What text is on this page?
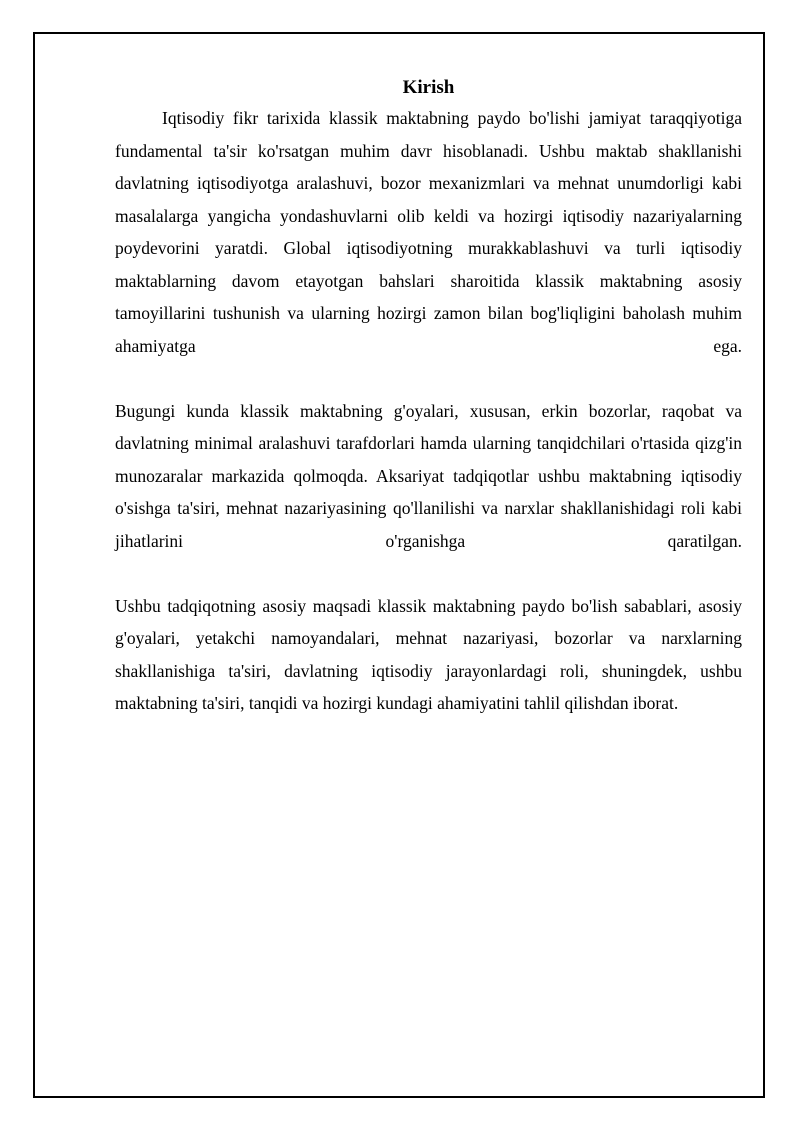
Kirish

Iqtisodiy fikr tarixida klassik maktabning paydo bo'lishi jamiyat taraqqiyotiga fundamental ta'sir ko'rsatgan muhim davr hisoblanadi. Ushbu maktab shakllanishi davlatning iqtisodiyotga aralashuvi, bozor mexanizmlari va mehnat unumdorligi kabi masalalarga yangicha yondashuvlarni olib keldi va hozirgi iqtisodiy nazariyalarning poydevorini yaratdi. Global iqtisodiyotning murakkablashuvi va turli iqtisodiy maktablarning davom etayotgan bahslari sharoitida klassik maktabning asosiy tamoyillarini tushunish va ularning hozirgi zamon bilan bog'liqligini baholash muhim ahamiyatga ega.

Bugungi kunda klassik maktabning g'oyalari, xususan, erkin bozorlar, raqobat va davlatning minimal aralashuvi tarafdorlari hamda ularning tanqidchilari o'rtasida qizg'in munozaralar markazida qolmoqda. Aksariyat tadqiqotlar ushbu maktabning iqtisodiy o'sishga ta'siri, mehnat nazariyasining qo'llanilishi va narxlar shakllanishidagi roli kabi jihatlarini o'rganishga qaratilgan.

Ushbu tadqiqotning asosiy maqsadi klassik maktabning paydo bo'lish sabablari, asosiy g'oyalari, yetakchi namoyandalari, mehnat nazariyasi, bozorlar va narxlarning shakllanishiga ta'siri, davlatning iqtisodiy jarayonlardagi roli, shuningdek, ushbu maktabning ta'siri, tanqidi va hozirgi kundagi ahamiyatini tahlil qilishdan iborat.
